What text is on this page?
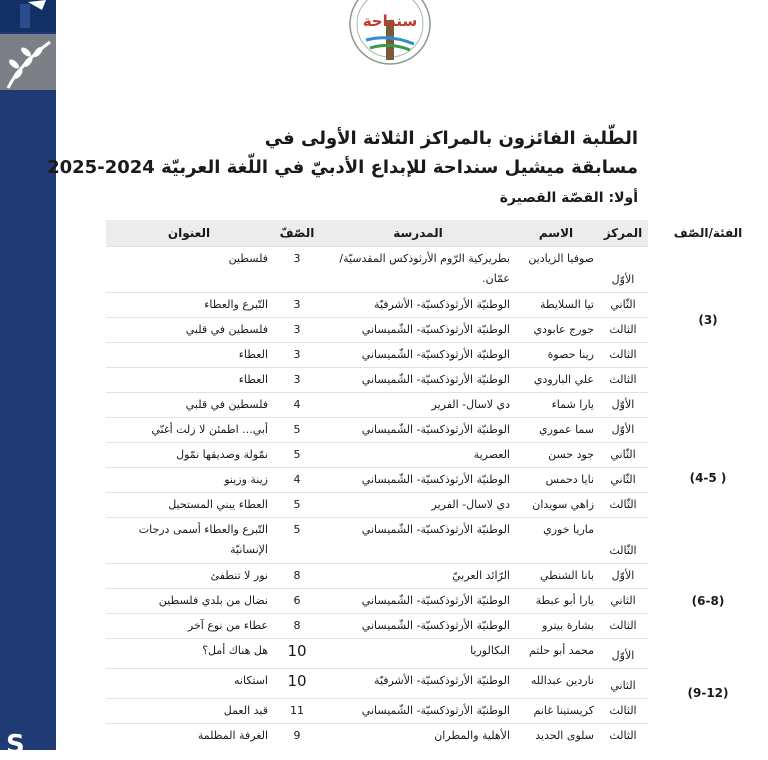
S
سنداحة
الطّلبة الفائزون بالمراكز الثلاثة الأولى في
مسابقة ميشيل سنداحة للإبداع الأدبيّ في اللّغة العربيّة 2024-2025
أولا: القصّة القصيرة
الفئة/الصّف	المركز	الاسم	المدرسة	الصّفّ	العنوان
(3)	الأوّل	صوفيا الزيادين	بطريركية الرّوم الأرثوذكس المقدسيّة/ عمّان.	3	فلسطين
	الثّاني	تيا السلايطة	الوطنيّة الأرثوذكسيّة- الأشرفيّة	3	التّبرع والعطاء
	الثالث	جورج عابودي	الوطنيّة الأرثوذكسيّة- الشّميساني	3	فلسطين في قلبي
	الثالث	رينا حصوة	الوطنيّة الأرثوذكسيّة- الشّميساني	3	العطاء
	الثالث	علي البارودي	الوطنيّة الأرثوذكسيّة- الشّميساني	3	العطاء
( 4-5)	الأوّل	يارا شماء	دي لاسال- الفرير	4	فلسطين في قلبي
	الأوّل	سما عموري	الوطنيّة الأرثوذكسيّة- الشّميساني	5	أبي... اطمئن لا زلت أغنّي
	الثّاني	جود حسن	العصرية	5	نمّولة وصديقها نمّول
	الثّاني	نايا دحمس	الوطنيّة الأرثوذكسيّة- الشّميساني	4	زينة وزينو
	الثّالث	زاهي سويدان	دي لاسال- الفرير	5	العطاء يبني المستحيل
	الثّالث	ماريا خوري	الوطنيّة الأرثوذكسيّة- الشّميساني	5	التّبرع والعطاء أسمى درجات الإنسانيّة
(6-8)	الأوّل	بانا الشنطي	الرّائد العربيّ	8	نور لا تنطفئ
	الثاني	يارا أبو عبطة	الوطنيّة الأرثوذكسيّة- الشّميساني	6	نضال من بلدي فلسطين
	الثالث	بشارة بيترو	الوطنيّة الأرثوذكسيّة- الشّميساني	8	عطاء من نوع آخر
(9-12)	الأوّل	محمد أبو حلتم	البكالوريا	10	هل هناك أمل؟
	الثاني	ناردين عبدالله	الوطنيّة الأرثوذكسيّة- الأشرفيّة	10	استكانه
	الثالث	كريستينا غانم	الوطنيّة الأرثوذكسيّة- الشّميساني	11	قيد العمل
	الثالث	سلوى الحديد	الأهلية والمطران	9	الغرفة المظلمة
